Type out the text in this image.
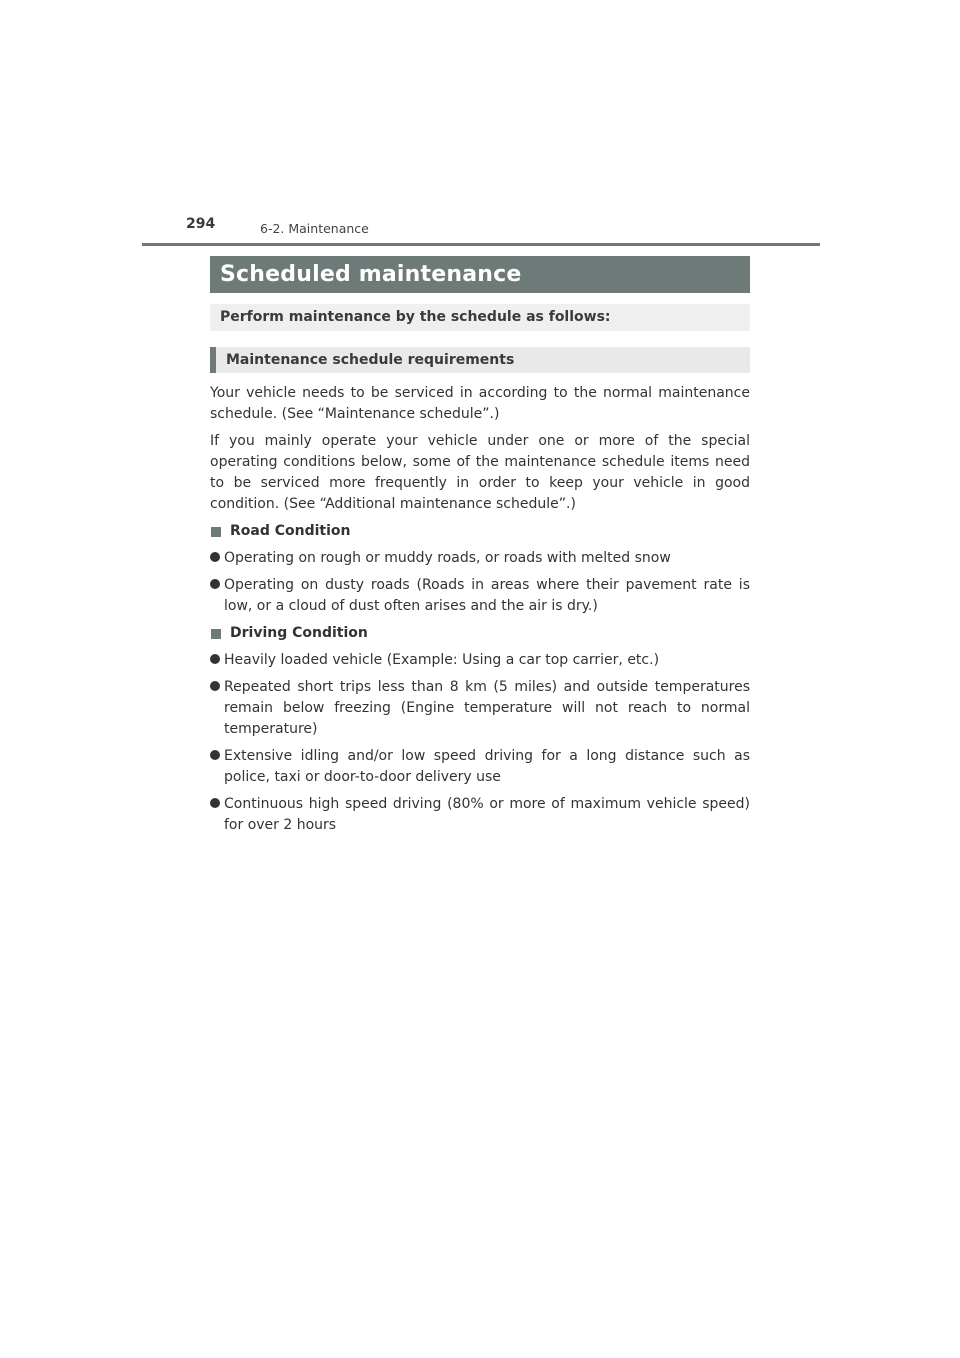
294	6-2. Maintenance
Scheduled maintenance
Perform maintenance by the schedule as follows:
Maintenance schedule requirements

Your vehicle needs to be serviced in according to the normal maintenance schedule. (See “Maintenance schedule”.)

If you mainly operate your vehicle under one or more of the special operating conditions below, some of the maintenance schedule items need to be serviced more frequently in order to keep your vehicle in good condition. (See “Additional maintenance schedule”.)

Road Condition

Operating on rough or muddy roads, or roads with melted snow

Operating on dusty roads (Roads in areas where their pavement rate is low, or a cloud of dust often arises and the air is dry.)

Driving Condition

Heavily loaded vehicle (Example: Using a car top carrier, etc.)

Repeated short trips less than 8 km (5 miles) and outside temperatures remain below freezing (Engine temperature will not reach to normal temperature)

Extensive idling and/or low speed driving for a long distance such as police, taxi or door-to-door delivery use

Continuous high speed driving (80% or more of maximum vehicle speed) for over 2 hours
